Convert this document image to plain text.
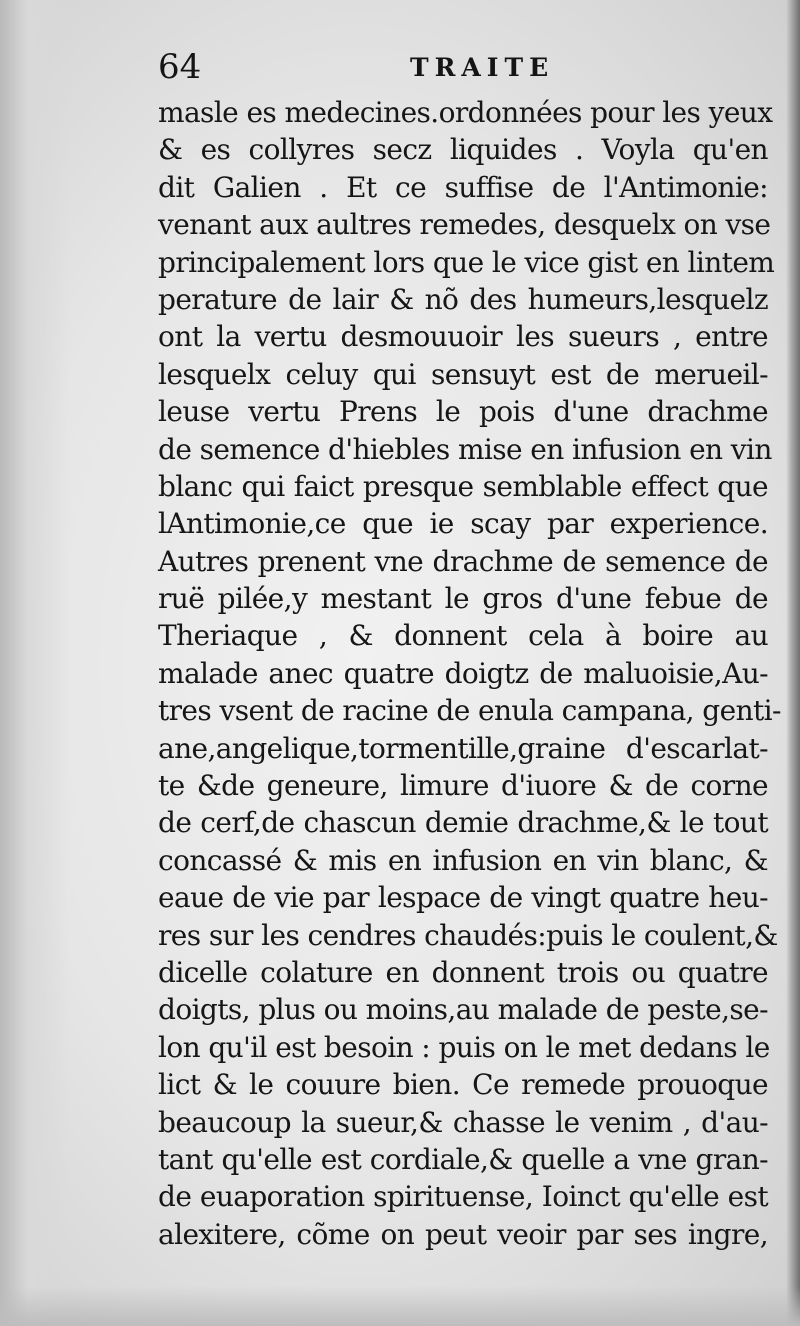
64	TRAITE
masle es medecines.ordonnées pour les yeux
& es collyres secz liquides . Voyla qu'en
dit Galien . Et ce suffise de l'Antimonie:
venant aux aultres remedes, desquelx on vse
principalement lors que le vice gist en lintem
perature de lair & nõ des humeurs,lesquelz
ont la vertu desmouuoir les sueurs , entre
lesquelx celuy qui sensuyt est de merueil-
leuse vertu Prens le pois d'une drachme
de semence d'hiebles mise en infusion en vin
blanc qui faict presque semblable effect que
lAntimonie,ce que ie scay par experience.
Autres prenent vne drachme de semence de
ruë pilée,y mestant le gros d'une febue de
Theriaque , & donnent cela à boire au
malade anec quatre doigtz de maluoisie,Au-
tres vsent de racine de enula campana, genti-
ane,angelique,tormentille,graine d'escarlat-
te &de geneure, limure d'iuore & de corne
de cerf,de chascun demie drachme,& le tout
concassé & mis en infusion en vin blanc, &
eaue de vie par lespace de vingt quatre heu-
res sur les cendres chaudés:puis le coulent,&
dicelle colature en donnent trois ou quatre
doigts, plus ou moins,au malade de peste,se-
lon qu'il est besoin : puis on le met dedans le
lict & le couure bien. Ce remede prouoque
beaucoup la sueur,& chasse le venim , d'au-
tant qu'elle est cordiale,& quelle a vne gran-
de euaporation spirituense, Ioinct qu'elle est
alexitere, cõme on peut veoir par ses ingre,
